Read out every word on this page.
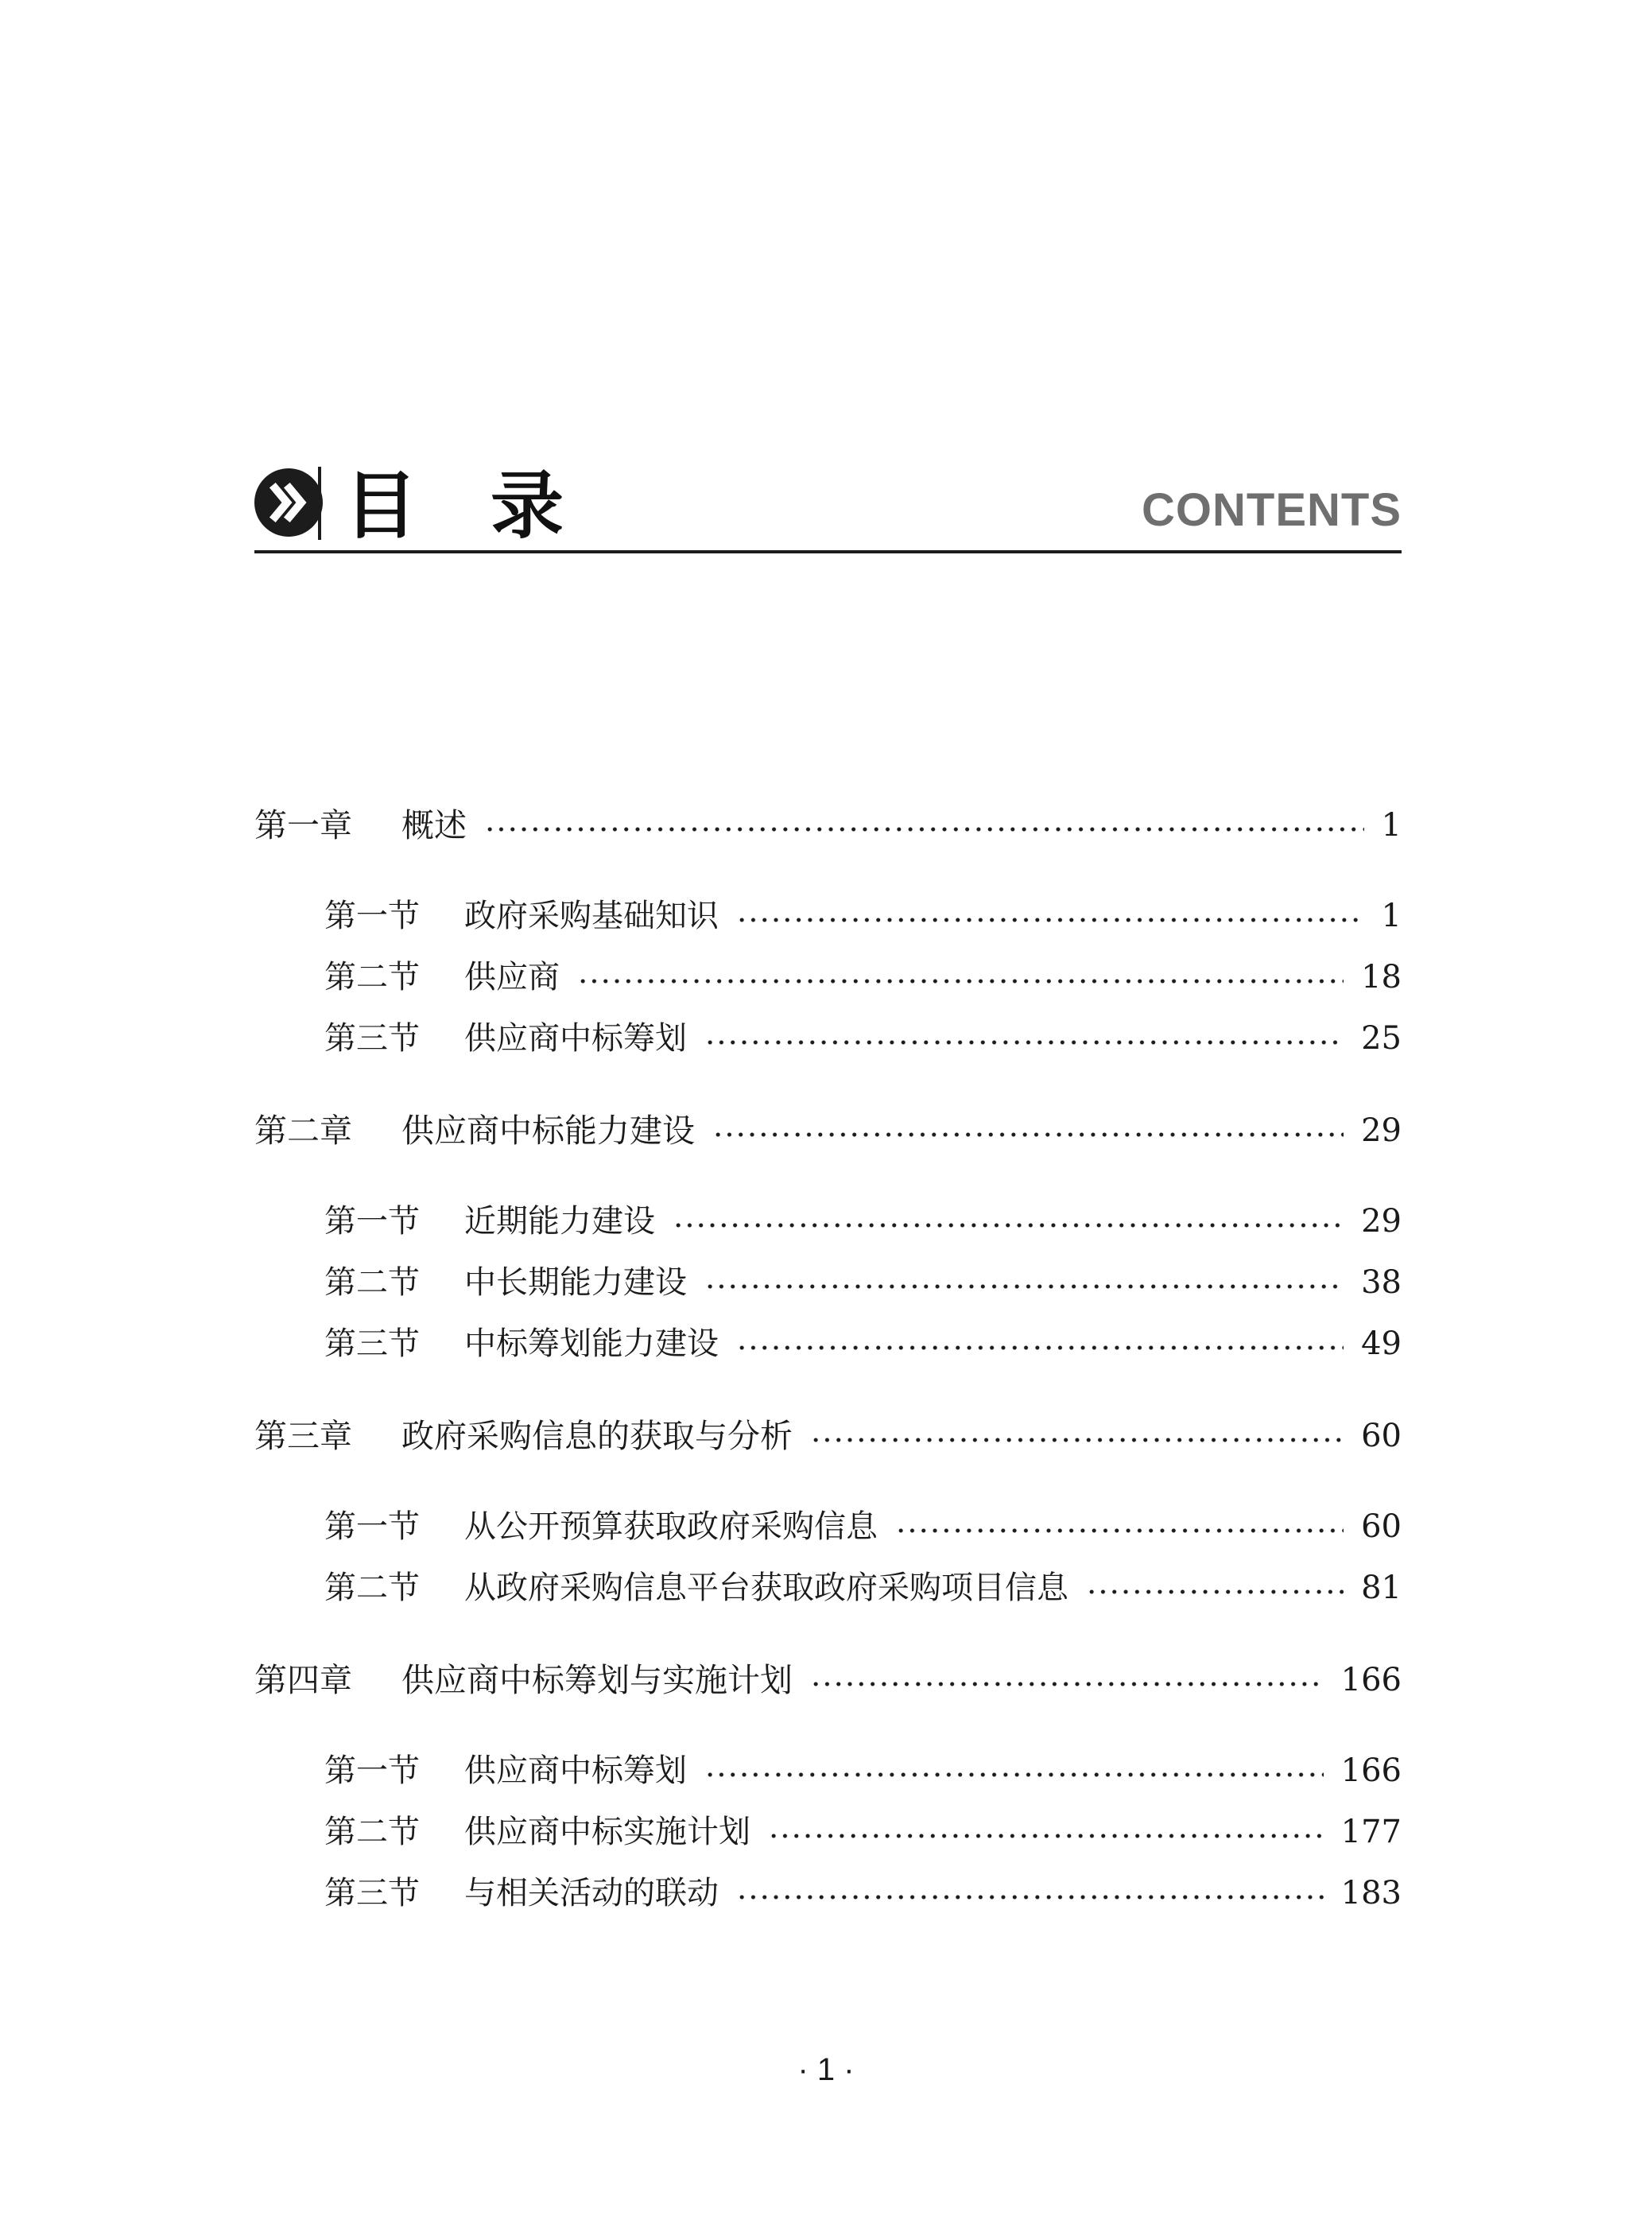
目录	CONTENTS
第一章	概述	1
第一节	政府采购基础知识	1
第二节	供应商	18
第三节	供应商中标筹划	25
第二章	供应商中标能力建设	29
第一节	近期能力建设	29
第二节	中长期能力建设	38
第三节	中标筹划能力建设	49
第三章	政府采购信息的获取与分析	60
第一节	从公开预算获取政府采购信息	60
第二节	从政府采购信息平台获取政府采购项目信息	81
第四章	供应商中标筹划与实施计划	166
第一节	供应商中标筹划	166
第二节	供应商中标实施计划	177
第三节	与相关活动的联动	183
· 1 ·
